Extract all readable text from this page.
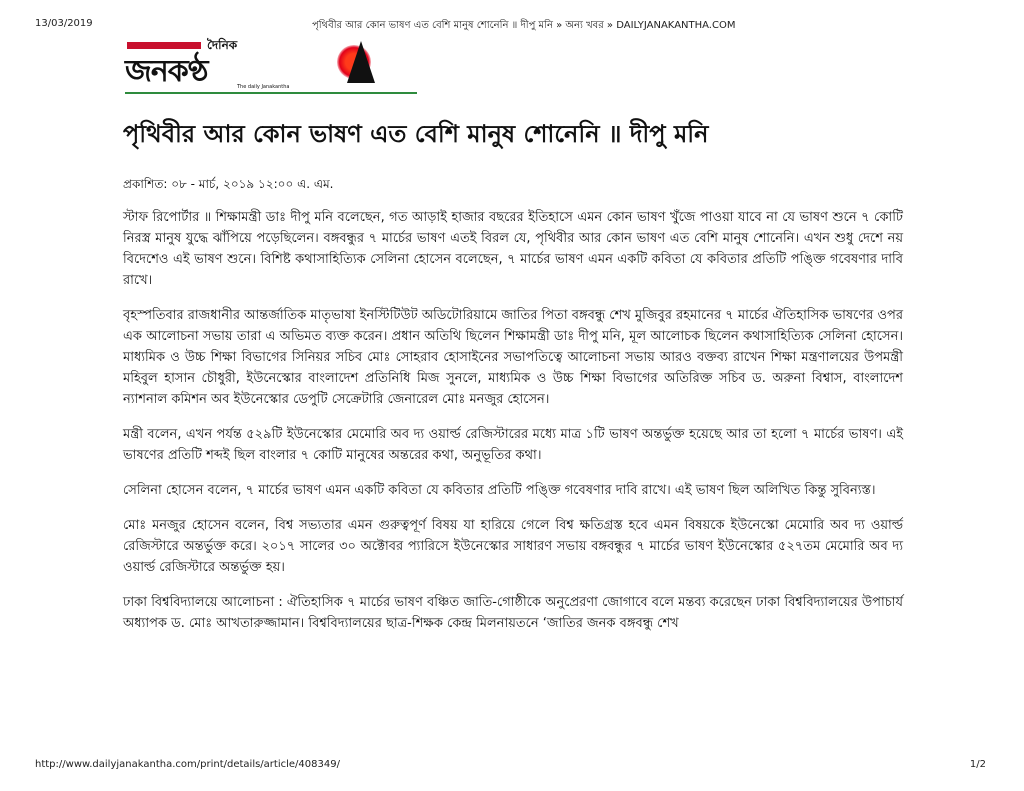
13/03/2019	পৃথিবীর আর কোন ভাষণ এত বেশি মানুষ শোনেনি ॥ দীপু মনি » অন্য খবর » DAILYJANAKANTHA.COM
দৈনিক
জনকণ্ঠ	The daily Janakantha
পৃথিবীর আর কোন ভাষণ এত বেশি মানুষ শোনেনি ॥ দীপু মনি
প্রকাশিত: ০৮ - মার্চ, ২০১৯ ১২:০০ এ. এম.

স্টাফ রিপোর্টার ॥ শিক্ষামন্ত্রী ডাঃ দীপু মনি বলেছেন, গত আড়াই হাজার বছরের ইতিহাসে এমন কোন ভাষণ খুঁজে পাওয়া যাবে না যে ভাষণ শুনে ৭ কোটি নিরস্ত্র মানুষ যুদ্ধে ঝাঁপিয়ে পড়েছিলেন। বঙ্গবন্ধুর ৭ মার্চের ভাষণ এতই বিরল যে, পৃথিবীর আর কোন ভাষণ এত বেশি মানুষ শোনেনি। এখন শুধু দেশে নয় বিদেশেও এই ভাষণ শুনে। বিশিষ্ট কথাসাহিত্যিক সেলিনা হোসেন বলেছেন, ৭ মার্চের ভাষণ এমন একটি কবিতা যে কবিতার প্রতিটি পঙ্ক্তি গবেষণার দাবি রাখে।

বৃহস্পতিবার রাজধানীর আন্তর্জাতিক মাতৃভাষা ইনস্টিটিউট অডিটোরিয়ামে জাতির পিতা বঙ্গবন্ধু শেখ মুজিবুর রহমানের ৭ মার্চের ঐতিহাসিক ভাষণের ওপর এক আলোচনা সভায় তারা এ অভিমত ব্যক্ত করেন। প্রধান অতিথি ছিলেন শিক্ষামন্ত্রী ডাঃ দীপু মনি, মূল আলোচক ছিলেন কথাসাহিত্যিক সেলিনা হোসেন। মাধ্যমিক ও উচ্চ শিক্ষা বিভাগের সিনিয়র সচিব মোঃ সোহরাব হোসাইনের সভাপতিত্বে আলোচনা সভায় আরও বক্তব্য রাখেন শিক্ষা মন্ত্রণালয়ের উপমন্ত্রী মহিবুল হাসান চৌধুরী, ইউনেস্কোর বাংলাদেশ প্রতিনিধি মিজ সুনলে, মাধ্যমিক ও উচ্চ শিক্ষা বিভাগের অতিরিক্ত সচিব ড. অরুনা বিশ্বাস, বাংলাদেশ ন্যাশনাল কমিশন অব ইউনেস্কোর ডেপুটি সেক্রেটারি জেনারেল মোঃ মনজুর হোসেন।

মন্ত্রী বলেন, এখন পর্যন্ত ৫২৯টি ইউনেস্কোর মেমোরি অব দ্য ওয়ার্ল্ড রেজিস্টারের মধ্যে মাত্র ১টি ভাষণ অন্তর্ভুক্ত হয়েছে আর তা হলো ৭ মার্চের ভাষণ। এই ভাষণের প্রতিটি শব্দই ছিল বাংলার ৭ কোটি মানুষের অন্তরের কথা, অনুভূতির কথা।

সেলিনা হোসেন বলেন, ৭ মার্চের ভাষণ এমন একটি কবিতা যে কবিতার প্রতিটি পঙ্ক্তি গবেষণার দাবি রাখে। এই ভাষণ ছিল অলিখিত কিন্তু সুবিন্যস্ত।

মোঃ মনজুর হোসেন বলেন, বিশ্ব সভ্যতার এমন গুরুত্বপূর্ণ বিষয় যা হারিয়ে গেলে বিশ্ব ক্ষতিগ্রস্ত হবে এমন বিষয়কে ইউনেস্কো মেমোরি অব দ্য ওয়ার্ল্ড রেজিস্টারে অন্তর্ভুক্ত করে। ২০১৭ সালের ৩০ অক্টোবর প্যারিসে ইউনেস্কোর সাধারণ সভায় বঙ্গবন্ধুর ৭ মার্চের ভাষণ ইউনেস্কোর ৫২৭তম মেমোরি অব দ্য ওয়ার্ল্ড রেজিস্টারে অন্তর্ভুক্ত হয়।

ঢাকা বিশ্ববিদ্যালয়ে আলোচনা : ঐতিহাসিক ৭ মার্চের ভাষণ বঞ্চিত জাতি-গোষ্ঠীকে অনুপ্রেরণা জোগাবে বলে মন্তব্য করেছেন ঢাকা বিশ্ববিদ্যালয়ের উপাচার্য অধ্যাপক ড. মোঃ আখতারুজ্জামান। বিশ্ববিদ্যালয়ের ছাত্র-শিক্ষক কেন্দ্র মিলনায়তনে ‘জাতির জনক বঙ্গবন্ধু শেখ

http://www.dailyjanakantha.com/print/details/article/408349/	1/2
